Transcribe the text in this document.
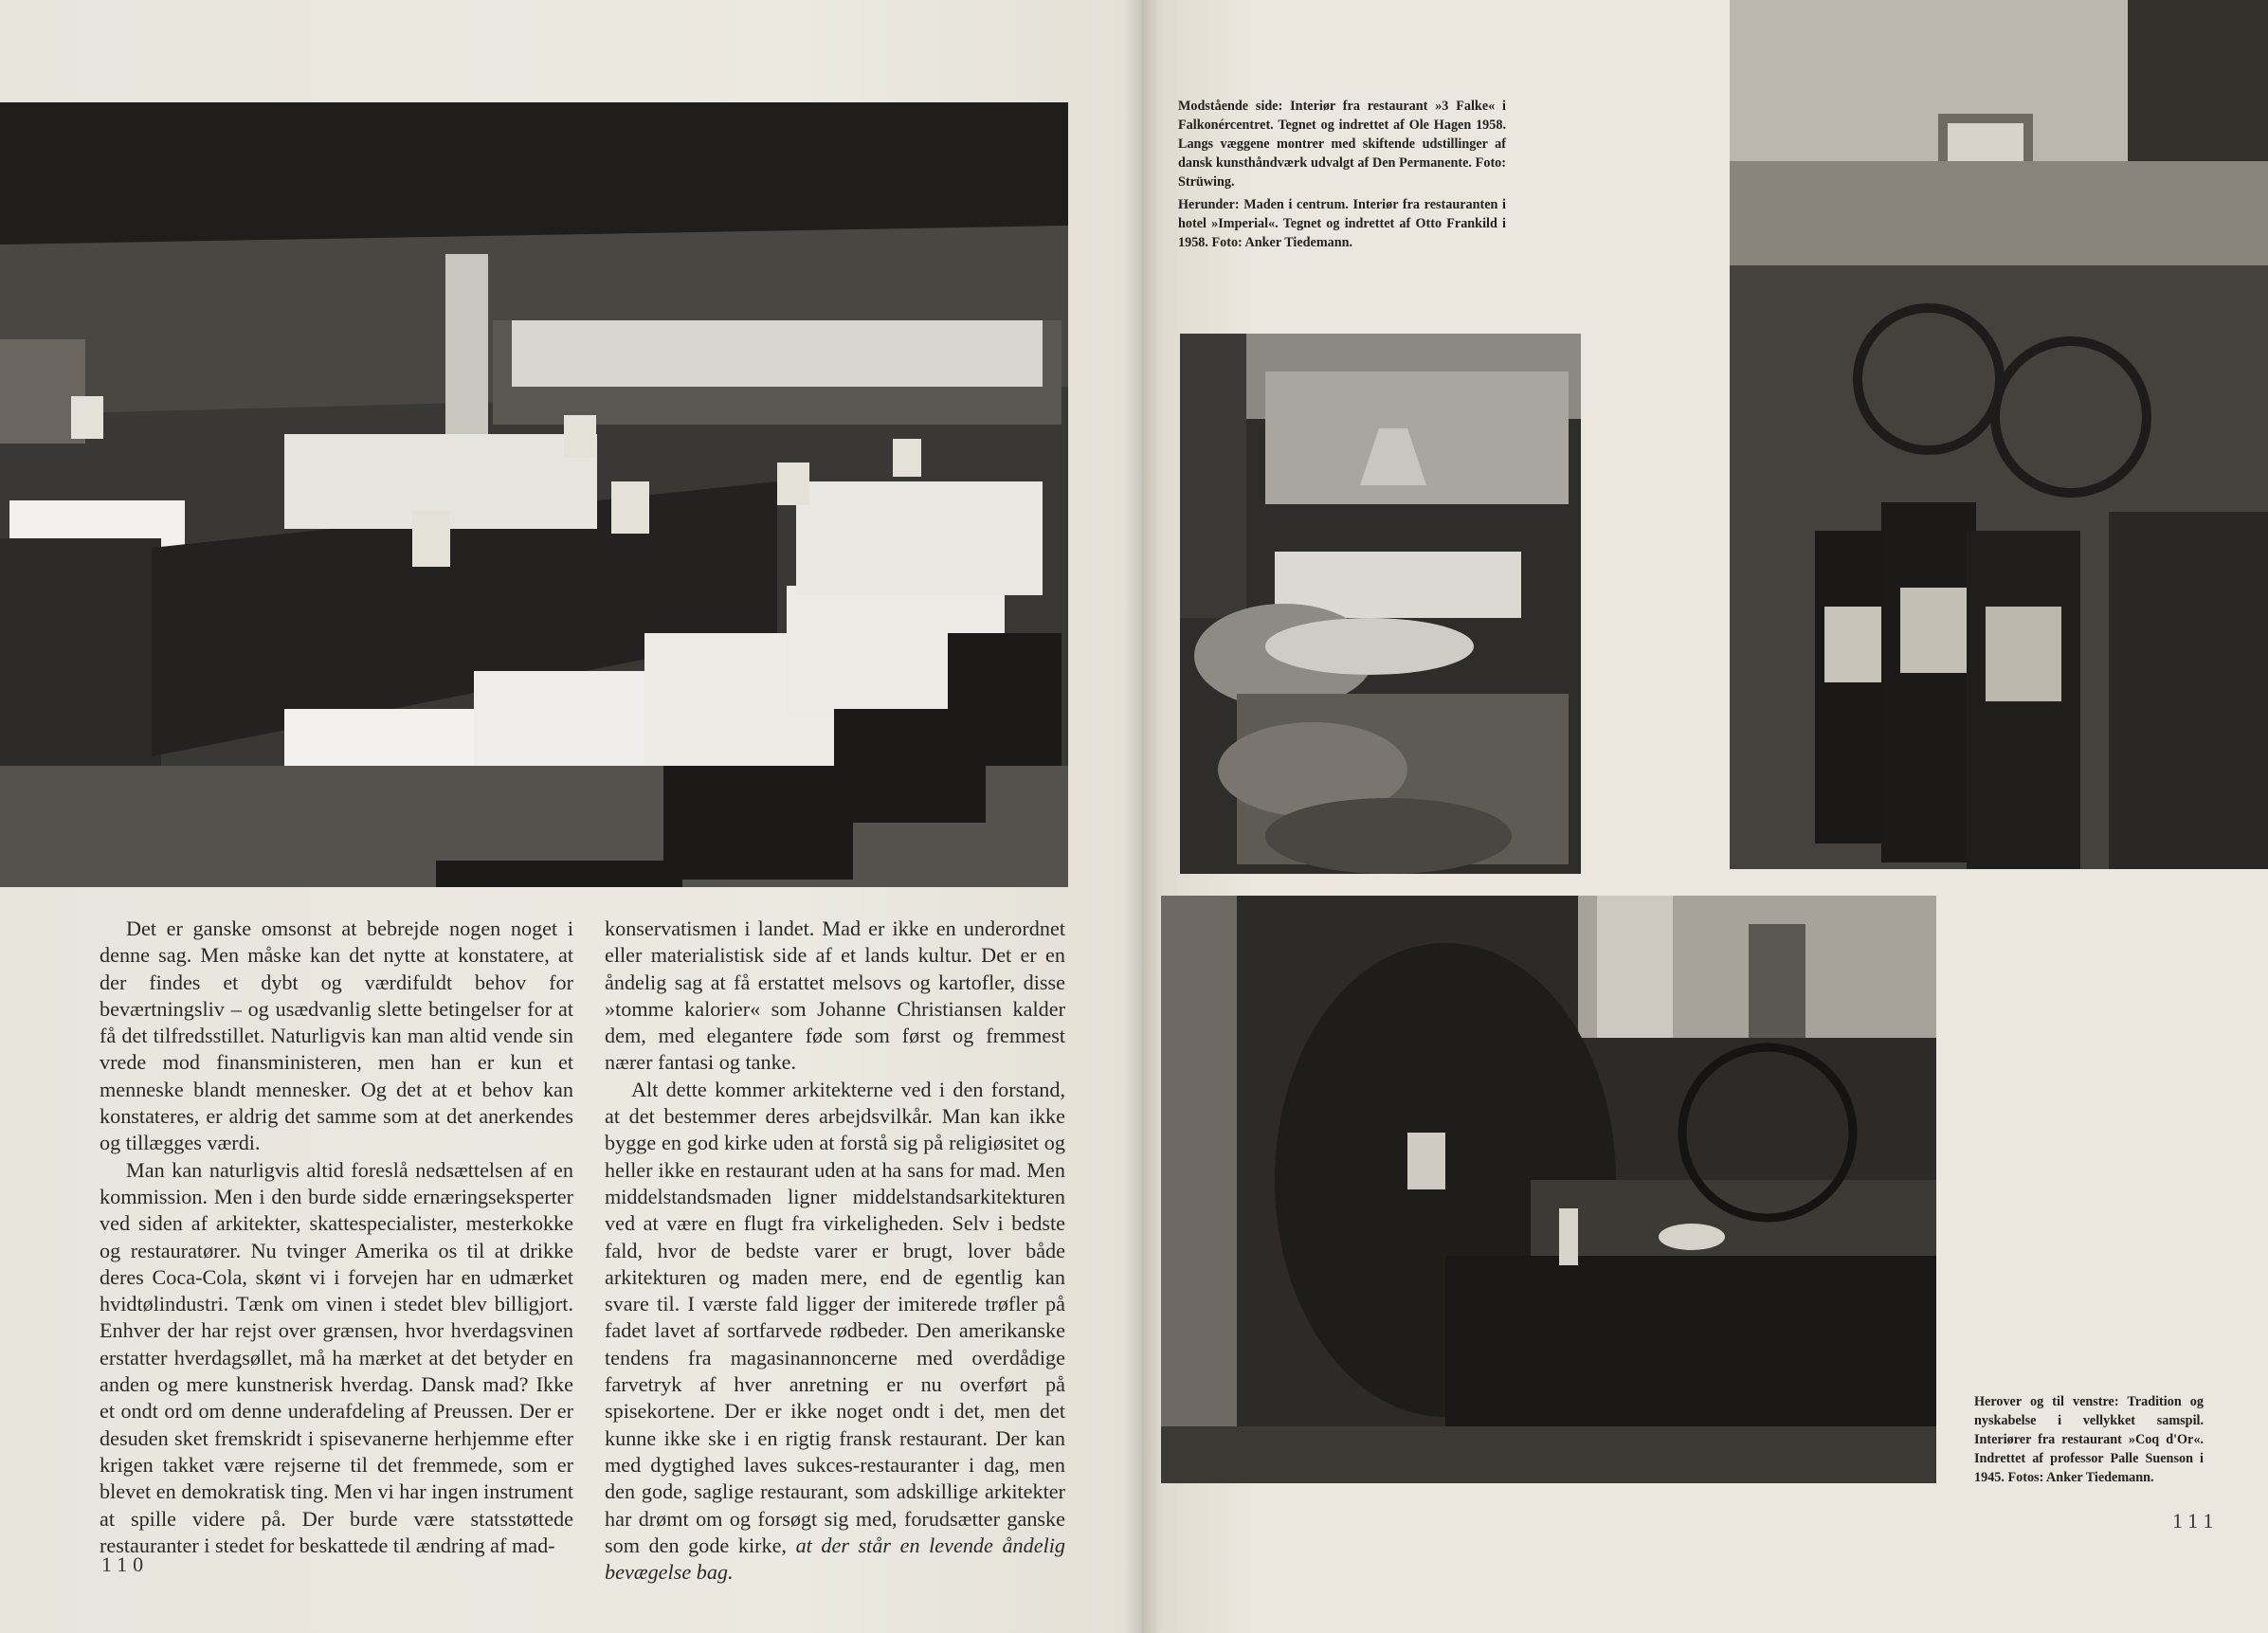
Det er ganske omsonst at bebrejde nogen noget i denne sag. Men måske kan det nytte at konstatere, at der findes et dybt og værdifuldt behov for beværtningsliv – og usædvanlig slette betingelser for at få det tilfredsstillet. Naturligvis kan man altid vende sin vrede mod finansministeren, men han er kun et menneske blandt mennesker. Og det at et behov kan konstateres, er aldrig det samme som at det anerkendes og tillægges værdi.

Man kan naturligvis altid foreslå nedsættelsen af en kommission. Men i den burde sidde ernæringseksperter ved siden af arkitekter, skattespecialister, mesterkokke og restauratører. Nu tvinger Amerika os til at drikke deres Coca-Cola, skønt vi i forvejen har en udmærket hvidtølindustri. Tænk om vinen i stedet blev billigjort. Enhver der har rejst over grænsen, hvor hverdagsvinen erstatter hverdagsøllet, må ha mærket at det betyder en anden og mere kunstnerisk hverdag. Dansk mad? Ikke et ondt ord om denne underafdeling af Preussen. Der er desuden sket fremskridt i spisevanerne herhjemme efter krigen takket være rejserne til det fremmede, som er blevet en demokratisk ting. Men vi har ingen instrument at spille videre på. Der burde være statsstøttede restauranter i stedet for beskattede til ændring af mad-

konservatismen i landet. Mad er ikke en underordnet eller materialistisk side af et lands kultur. Det er en åndelig sag at få erstattet melsovs og kartofler, disse »tomme kalorier« som Johanne Christiansen kalder dem, med elegantere føde som først og fremmest nærer fantasi og tanke.

Alt dette kommer arkitekterne ved i den forstand, at det bestemmer deres arbejdsvilkår. Man kan ikke bygge en god kirke uden at forstå sig på religiøsitet og heller ikke en restaurant uden at ha sans for mad. Men middelstandsmaden ligner middelstandsarkitekturen ved at være en flugt fra virkeligheden. Selv i bedste fald, hvor de bedste varer er brugt, lover både arkitekturen og maden mere, end de egentlig kan svare til. I værste fald ligger der imiterede trøfler på fadet lavet af sortfarvede rødbeder. Den amerikanske tendens fra magasinannoncerne med overdådige farvetryk af hver anretning er nu overført på spisekortene. Der er ikke noget ondt i det, men det kunne ikke ske i en rigtig fransk restaurant. Der kan med dygtighed laves sukces-restauranter i dag, men den gode, saglige restaurant, som adskillige arkitekter har drømt om og forsøgt sig med, forudsætter ganske som den gode kirke, at der står en levende åndelig bevægelse bag.

110

Modstående side: Interiør fra restaurant »3 Falke« i Falkonércentret. Tegnet og indrettet af Ole Hagen 1958. Langs væggene montrer med skiftende udstillinger af dansk kunsthåndværk udvalgt af Den Permanente. Foto: Strüwing.

Herunder: Maden i centrum. Interiør fra restauranten i hotel »Imperial«. Tegnet og indrettet af Otto Frankild i 1958. Foto: Anker Tiedemann.

Herover og til venstre: Tradition og nyskabelse i vellykket samspil. Interiører fra restaurant »Coq d'Or«. Indrettet af professor Palle Suenson i 1945. Fotos: Anker Tiedemann.

111
